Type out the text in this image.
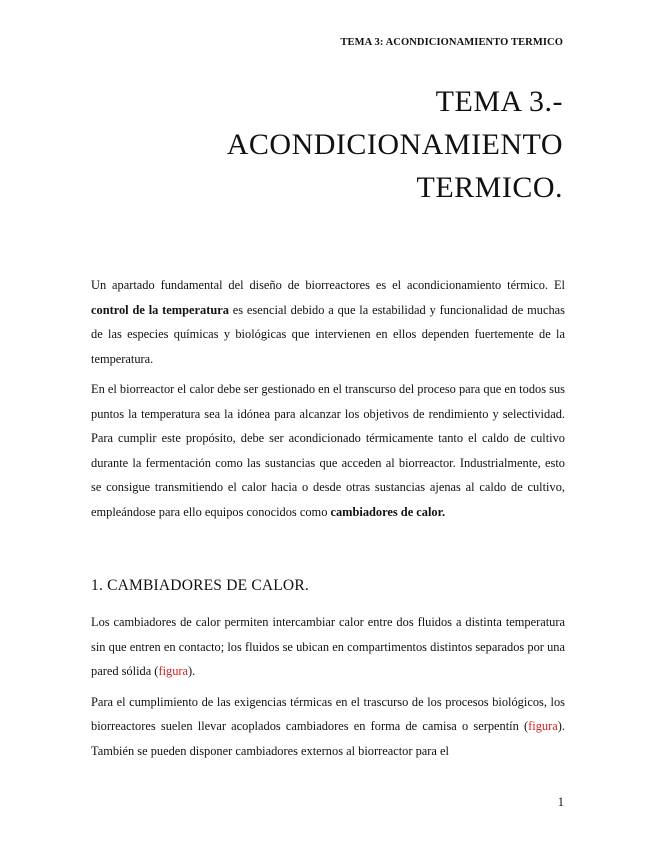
TEMA 3: ACONDICIONAMIENTO TERMICO
TEMA 3.-
ACONDICIONAMIENTO
TERMICO.

Un apartado fundamental del diseño de biorreactores es el acondicionamiento térmico. El control de la temperatura es esencial debido a que la estabilidad y funcionalidad de muchas de las especies químicas y biológicas que intervienen en ellos dependen fuertemente de la temperatura.

En el biorreactor el calor debe ser gestionado en el transcurso del proceso para que en todos sus puntos la temperatura sea la idónea para alcanzar los objetivos de rendimiento y selectividad. Para cumplir este propósito, debe ser acondicionado térmicamente tanto el caldo de cultivo durante la fermentación como las sustancias que acceden al biorreactor. Industrialmente, esto se consigue transmitiendo el calor hacia o desde otras sustancias ajenas al caldo de cultivo, empleándose para ello equipos conocidos como cambiadores de calor.

1. CAMBIADORES DE CALOR.

Los cambiadores de calor permiten intercambiar calor entre dos fluidos a distinta temperatura sin que entren en contacto; los fluidos se ubican en compartimentos distintos separados por una pared sólida (figura).

Para el cumplimiento de las exigencias térmicas en el trascurso de los procesos biológicos, los biorreactores suelen llevar acoplados cambiadores en forma de camisa o serpentín (figura). También se pueden disponer cambiadores externos al biorreactor para el

1
